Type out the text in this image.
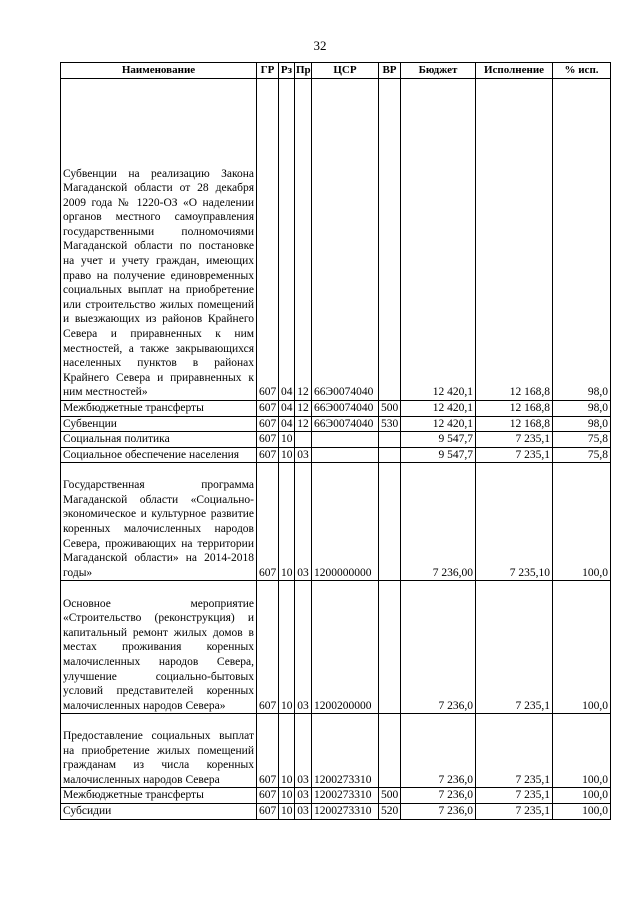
32
Наименование	ГР	Рз	Пр	ЦСР	ВР	Бюджет	Исполнение	% исп.
Субвенции на реализацию Закона Магаданской области от 28 декабря 2009 года № 1220-ОЗ «О наделении органов местного самоуправления государственными полномочиями Магаданской области по постановке на учет и учету граждан, имеющих право на получение единовременных социальных выплат на приобретение или строительство жилых помещений и выезжающих из районов Крайнего Севера и приравненных к ним местностей, а также закрывающихся населенных пунктов в районах Крайнего Севера и приравненных к ним местностей»	607	04	12	66Э0074040		12 420,1	12 168,8	98,0
Межбюджетные трансферты	607	04	12	66Э0074040	500	12 420,1	12 168,8	98,0
Субвенции	607	04	12	66Э0074040	530	12 420,1	12 168,8	98,0
Социальная политика	607	10				9 547,7	7 235,1	75,8
Социальное обеспечение населения	607	10	03			9 547,7	7 235,1	75,8
Государственная программа Магаданской области «Социально-экономическое и культурное развитие коренных малочисленных народов Севера, проживающих на территории Магаданской области» на 2014-2018 годы»	607	10	03	1200000000		7 236,00	7 235,10	100,0
Основное мероприятие «Строительство (реконструкция) и капитальный ремонт жилых домов в местах проживания коренных малочисленных народов Севера, улучшение социально-бытовых условий представителей коренных малочисленных народов Севера»	607	10	03	1200200000		7 236,0	7 235,1	100,0
Предоставление социальных выплат на приобретение жилых помещений гражданам из числа коренных малочисленных народов Севера	607	10	03	1200273310		7 236,0	7 235,1	100,0
Межбюджетные трансферты	607	10	03	1200273310	500	7 236,0	7 235,1	100,0
Субсидии	607	10	03	1200273310	520	7 236,0	7 235,1	100,0
